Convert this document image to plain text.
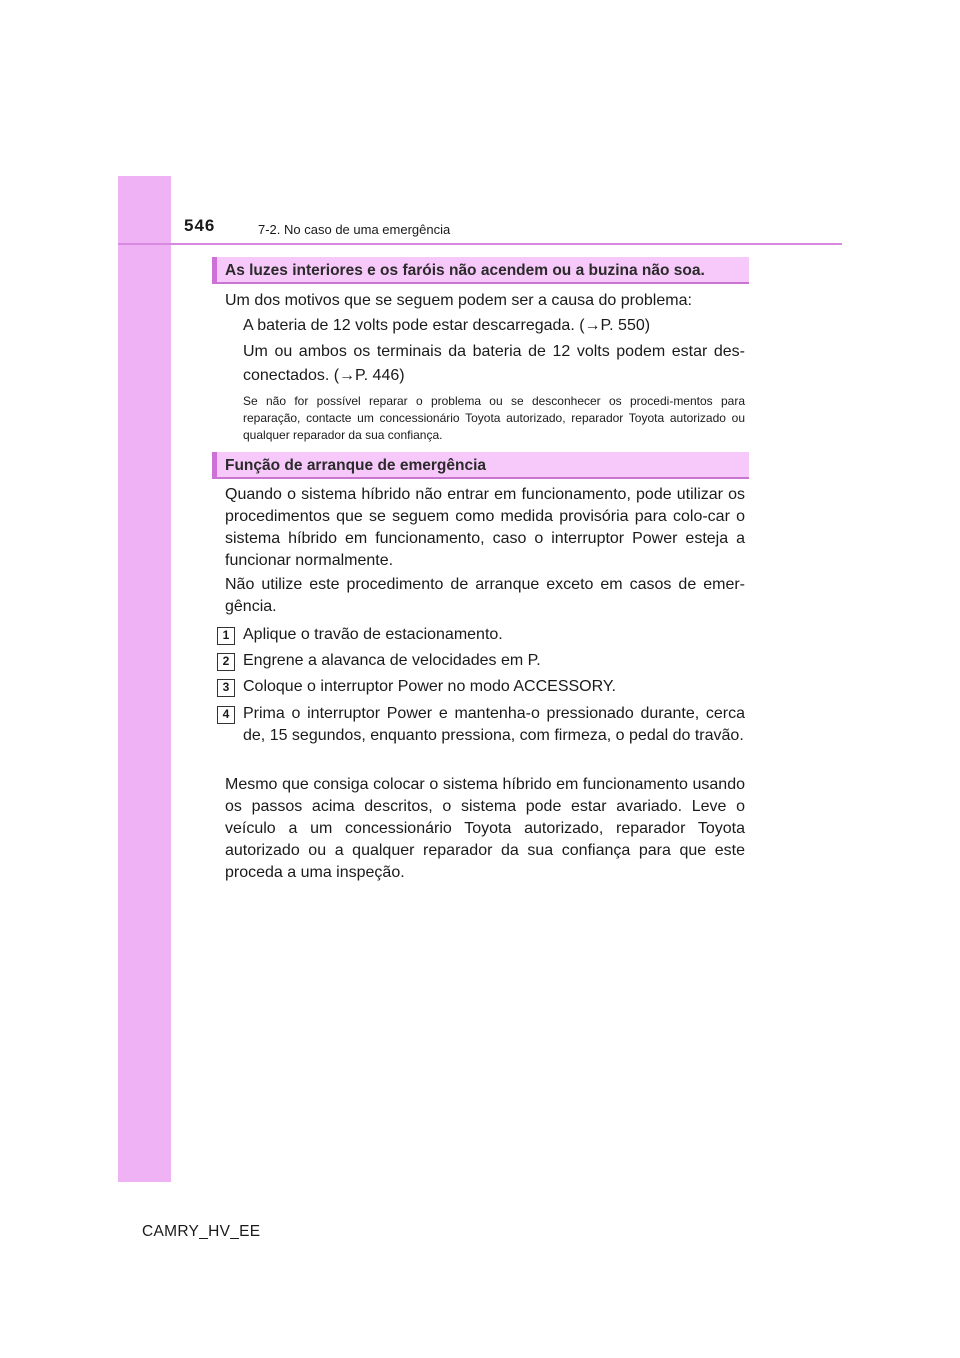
546	7-2. No caso de uma emergência
As luzes interiores e os faróis não acendem ou a buzina não soa.
Um dos motivos que se seguem podem ser a causa do problema:
A bateria de 12 volts pode estar descarregada. (→P. 550)
Um ou ambos os terminais da bateria de 12 volts podem estar des-conectados. (→P. 446)
Se não for possível reparar o problema ou se desconhecer os procedi-mentos para reparação, contacte um concessionário Toyota autorizado, reparador Toyota autorizado ou qualquer reparador da sua confiança.
Função de arranque de emergência
Quando o sistema híbrido não entrar em funcionamento, pode utilizar os procedimentos que se seguem como medida provisória para colo-car o sistema híbrido em funcionamento, caso o interruptor Power esteja a funcionar normalmente.
Não utilize este procedimento de arranque exceto em casos de emer-gência.
1 Aplique o travão de estacionamento.
2 Engrene a alavanca de velocidades em P.
3 Coloque o interruptor Power no modo ACCESSORY.
4 Prima o interruptor Power e mantenha-o pressionado durante, cerca de, 15 segundos, enquanto pressiona, com firmeza, o pedal do travão.
Mesmo que consiga colocar o sistema híbrido em funcionamento usando os passos acima descritos, o sistema pode estar avariado. Leve o veículo a um concessionário Toyota autorizado, reparador Toyota autorizado ou a qualquer reparador da sua confiança para que este proceda a uma inspeção.
CAMRY_HV_EE
